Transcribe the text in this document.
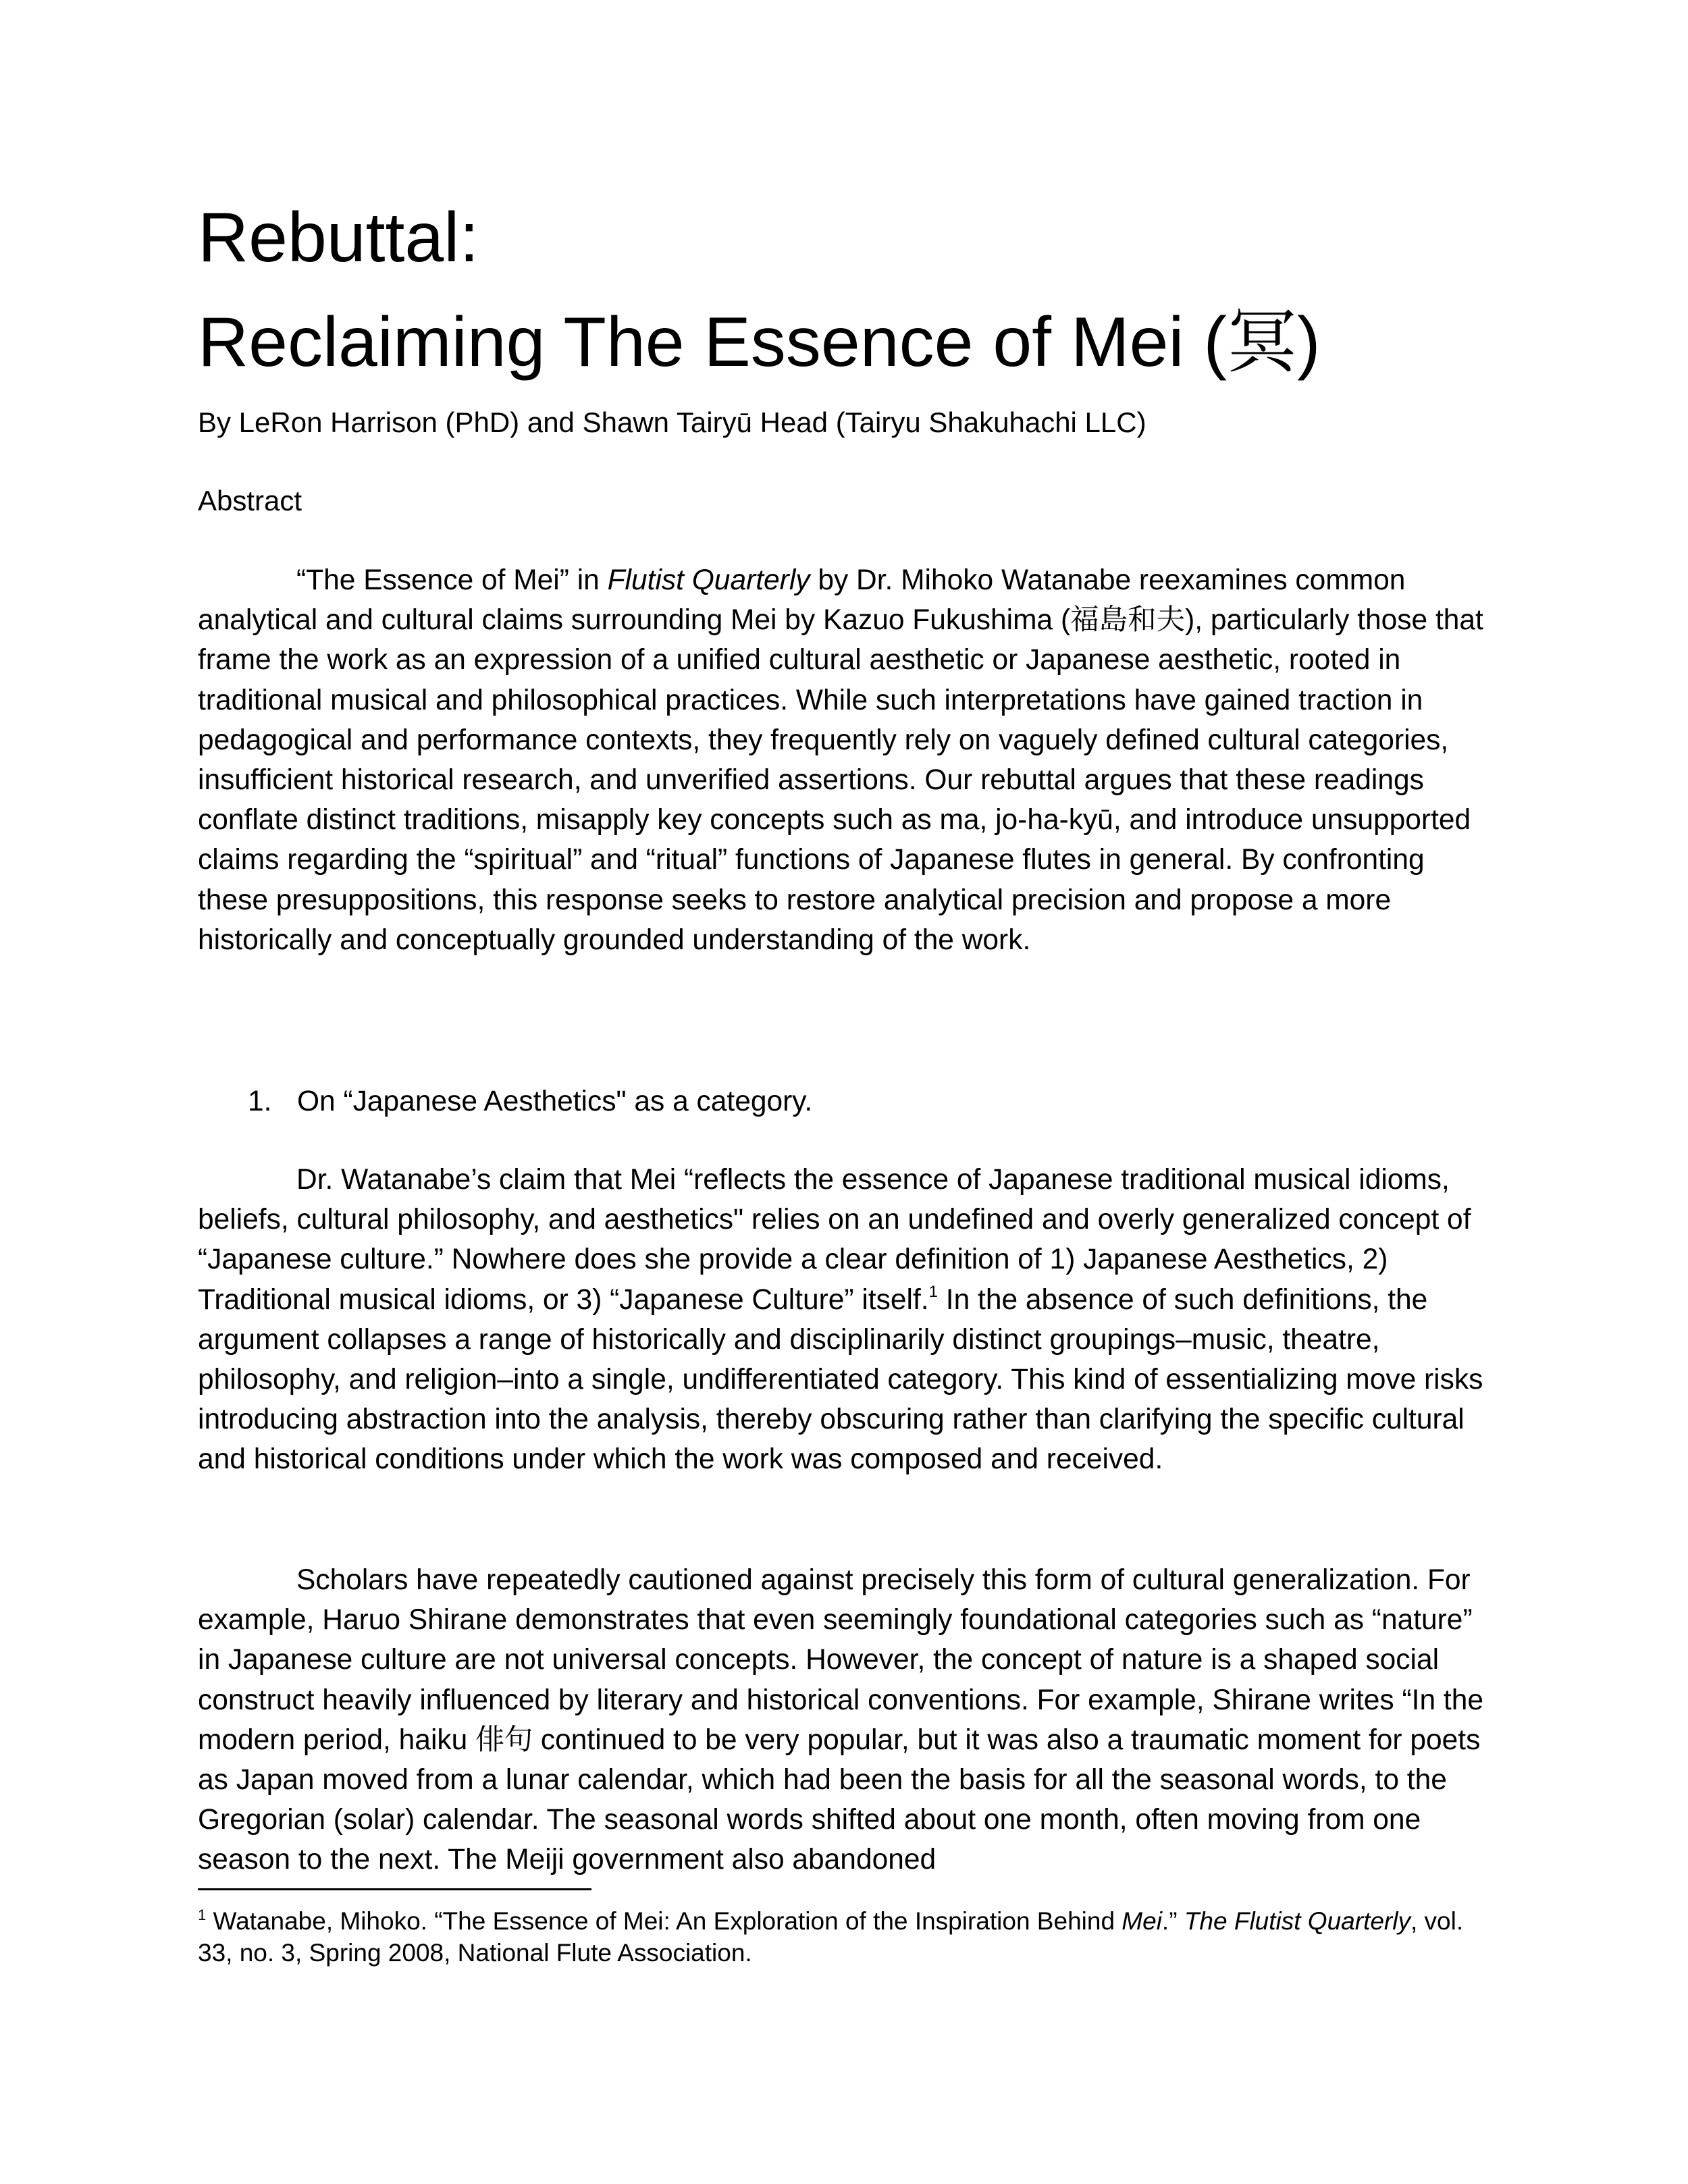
Rebuttal:
Reclaiming The Essence of Mei (冥)
By LeRon Harrison (PhD) and Shawn Tairyū Head (Tairyu Shakuhachi LLC)
Abstract

“The Essence of Mei” in Flutist Quarterly by Dr. Mihoko Watanabe reexamines common analytical and cultural claims surrounding Mei by Kazuo Fukushima (福島和夫), particularly those that frame the work as an expression of a unified cultural aesthetic or Japanese aesthetic, rooted in traditional musical and philosophical practices. While such interpretations have gained traction in pedagogical and performance contexts, they frequently rely on vaguely defined cultural categories, insufficient historical research, and unverified assertions. Our rebuttal argues that these readings conflate distinct traditions, misapply key concepts such as ma, jo-ha-kyū, and introduce unsupported claims regarding the “spiritual” and “ritual” functions of Japanese flutes in general. By confronting these presuppositions, this response seeks to restore analytical precision and propose a more historically and conceptually grounded understanding of the work.

1. On “Japanese Aesthetics" as a category.

Dr. Watanabe’s claim that Mei “reflects the essence of Japanese traditional musical idioms, beliefs, cultural philosophy, and aesthetics" relies on an undefined and overly generalized concept of “Japanese culture.” Nowhere does she provide a clear definition of 1) Japanese Aesthetics, 2) Traditional musical idioms, or 3) “Japanese Culture” itself.$^1$ In the absence of such definitions, the argument collapses a range of historically and disciplinarily distinct groupings–music, theatre, philosophy, and religion–into a single, undifferentiated category. This kind of essentializing move risks introducing abstraction into the analysis, thereby obscuring rather than clarifying the specific cultural and historical conditions under which the work was composed and received.

Scholars have repeatedly cautioned against precisely this form of cultural generalization. For example, Haruo Shirane demonstrates that even seemingly foundational categories such as “nature” in Japanese culture are not universal concepts. However, the concept of nature is a shaped social construct heavily influenced by literary and historical conventions. For example, Shirane writes “In the modern period, haiku 俳句 continued to be very popular, but it was also a traumatic moment for poets as Japan moved from a lunar calendar, which had been the basis for all the seasonal words, to the Gregorian (solar) calendar. The seasonal words shifted about one month, often moving from one season to the next. The Meiji government also abandoned

$^1$ Watanabe, Mihoko. “The Essence of Mei: An Exploration of the Inspiration Behind Mei.” The Flutist Quarterly, vol. 33, no. 3, Spring 2008, National Flute Association.
